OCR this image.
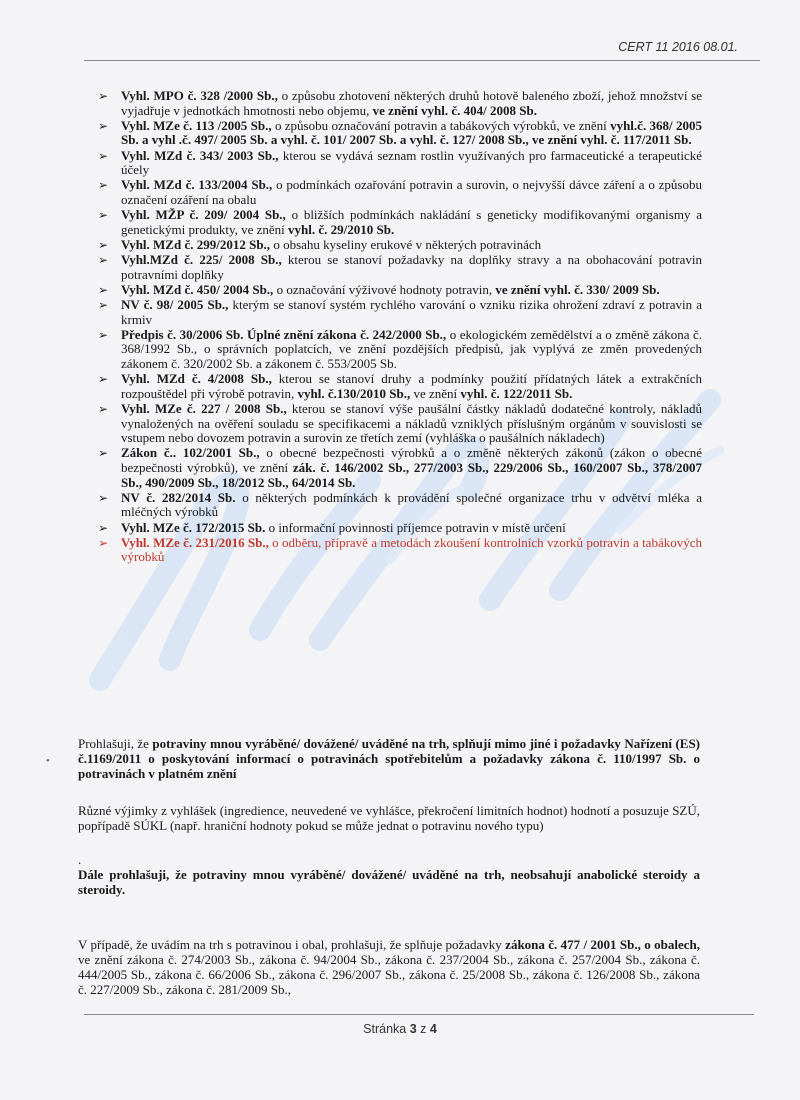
CERT 11 2016 08.01.
➢ Vyhl. MPO č. 328 /2000 Sb., o způsobu zhotovení některých druhů hotově baleného zboží, jehož množství se vyjadřuje v jednotkách hmotnosti nebo objemu, ve znění vyhl. č. 404/ 2008 Sb.
➢ Vyhl. MZe č. 113 /2005 Sb., o způsobu označování potravin a tabákových výrobků, ve znění vyhl.č. 368/ 2005 Sb. a vyhl .č. 497/ 2005 Sb. a vyhl. č. 101/ 2007 Sb. a vyhl. č. 127/ 2008 Sb., ve znění vyhl. č. 117/2011 Sb.
➢ Vyhl. MZd č. 343/ 2003 Sb., kterou se vydává seznam rostlin využívaných pro farmaceutické a terapeutické účely
➢ Vyhl. MZd č. 133/2004 Sb., o podmínkách ozařování potravin a surovin, o nejvyšší dávce záření a o způsobu označení ozáření na obalu
➢ Vyhl. MŽP č. 209/ 2004 Sb., o bližších podmínkách nakládání s geneticky modifikovanými organismy a genetickými produkty, ve znění vyhl. č. 29/2010 Sb.
➢ Vyhl. MZd č. 299/2012 Sb., o obsahu kyseliny erukové v některých potravinách
➢ Vyhl.MZd č. 225/ 2008 Sb., kterou se stanoví požadavky na doplňky stravy a na obohacování potravin potravními doplňky
➢ Vyhl. MZd č. 450/ 2004 Sb., o označování výživové hodnoty potravin, ve znění vyhl. č. 330/ 2009 Sb.
➢ NV č. 98/ 2005 Sb., kterým se stanoví systém rychlého varování o vzniku rizika ohrožení zdraví z potravin a krmiv
➢ Předpis č. 30/2006 Sb. Úplné znění zákona č. 242/2000 Sb., o ekologickém zemědělství a o změně zákona č. 368/1992 Sb., o správních poplatcích, ve znění pozdějších předpisů, jak vyplývá ze změn provedených zákonem č. 320/2002 Sb. a zákonem č. 553/2005 Sb.
➢ Vyhl. MZd č. 4/2008 Sb., kterou se stanoví druhy a podmínky použití přídatných látek a extrakčních rozpouštědel při výrobě potravin, vyhl. č.130/2010 Sb., ve znění vyhl. č. 122/2011 Sb.
➢ Vyhl. MZe č. 227 / 2008 Sb., kterou se stanoví výše paušální částky nákladů dodatečné kontroly, nákladů vynaložených na ověření souladu se specifikacemi a nákladů vzniklých příslušným orgánům v souvislosti se vstupem nebo dovozem potravin a surovin ze třetích zemí (vyhláška o paušálních nákladech)
➢ Zákon č.. 102/2001 Sb., o obecné bezpečnosti výrobků a o změně některých zákonů (zákon o obecné bezpečnosti výrobků), ve znění zák. č. 146/2002 Sb., 277/2003 Sb., 229/2006 Sb., 160/2007 Sb., 378/2007 Sb., 490/2009 Sb., 18/2012 Sb., 64/2014 Sb.
➢ NV č. 282/2014 Sb. o některých podmínkách k provádění společné organizace trhu v odvětví mléka a mléčných výrobků
➢ Vyhl. MZe č. 172/2015 Sb. o informační povinnosti příjemce potravin v místě určení
➢ Vyhl. MZe č. 231/2016 Sb., o odběru, přípravě a metodách zkoušení kontrolních vzorků potravin a tabákových výrobků
•
Prohlašuji, že potraviny mnou vyráběné/ dovážené/ uváděné na trh, splňují mimo jiné i požadavky Nařízení (ES) č.1169/2011 o poskytování informací o potravinách spotřebitelům a požadavky zákona č. 110/1997 Sb. o potravinách v platném znění
Různé výjimky z vyhlášek (ingredience, neuvedené ve vyhlášce, překročení limitních hodnot) hodnotí a posuzuje SZÚ, popřípadě SÚKL (např. hraniční hodnoty pokud se může jednat o potravinu nového typu)
.
Dále prohlašuji, že potraviny mnou vyráběné/ dovážené/ uváděné na trh, neobsahují anabolické steroidy a steroidy.
V případě, že uvádím na trh s potravinou i obal, prohlašuji, že splňuje požadavky zákona č. 477 / 2001 Sb., o obalech, ve znění zákona č. 274/2003 Sb., zákona č. 94/2004 Sb., zákona č. 237/2004 Sb., zákona č. 257/2004 Sb., zákona č. 444/2005 Sb., zákona č. 66/2006 Sb., zákona č. 296/2007 Sb., zákona č. 25/2008 Sb., zákona č. 126/2008 Sb., zákona č. 227/2009 Sb., zákona č. 281/2009 Sb.,
Stránka 3 z 4
